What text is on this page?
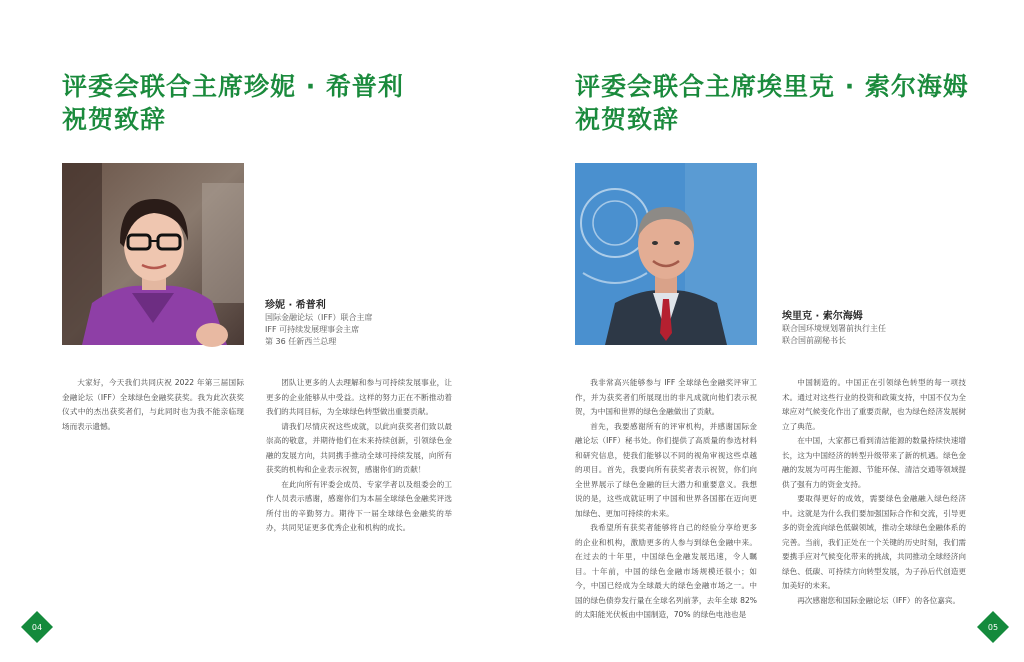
评委会联合主席珍妮 · 希普利
祝贺致辞
珍妮 · 希普利
国际金融论坛（IFF）联合主席
IFF 可持续发展理事会主席
第 36 任新西兰总理

大家好，今天我们共同庆祝 2022 年第三届国际金融论坛（IFF）全球绿色金融奖获奖。我为此次获奖仪式中的杰出获奖者们，与此同时也为我不能亲临现场而表示遗憾。

团队让更多的人去理解和参与可持续发展事业，让更多的企业能够从中受益。这样的努力正在不断推动着我们的共同目标，为全球绿色转型做出重要贡献。

请我们尽情庆祝这些成就，以此向获奖者们致以最崇高的敬意，并期待他们在未来持续创新，引领绿色金融的发展方向，共同携手推动全球可持续发展，向所有获奖的机构和企业表示祝贺，感谢你们的贡献！

在此向所有评委会成员、专家学者以及组委会的工作人员表示感谢，感谢你们为本届全球绿色金融奖评选所付出的辛勤努力。期待下一届全球绿色金融奖的举办，共同见证更多优秀企业和机构的成长。

04
评委会联合主席埃里克 · 索尔海姆
祝贺致辞
埃里克 · 索尔海姆
联合国环境规划署前执行主任
联合国前副秘书长

我非常高兴能够参与 IFF 全球绿色金融奖评审工作，并为获奖者们所展现出的非凡成就向他们表示祝贺，为中国和世界的绿色金融做出了贡献。

首先，我要感谢所有的评审机构，并感谢国际金融论坛（IFF）秘书处。你们提供了高质量的参选材料和研究信息，使我们能够以不同的视角审视这些卓越的项目。首先，我要向所有获奖者表示祝贺，你们向全世界展示了绿色金融的巨大潜力和重要意义。我想说的是，这些成就证明了中国和世界各国都在迈向更加绿色、更加可持续的未来。

我希望所有获奖者能够将自己的经验分享给更多的企业和机构，激励更多的人参与到绿色金融中来。在过去的十年里，中国绿色金融发展迅速，令人瞩目。十年前，中国的绿色金融市场规模还很小；如今，中国已经成为全球最大的绿色金融市场之一。中国的绿色债券发行量在全球名列前茅，去年全球 82% 的太阳能光伏板由中国制造，70% 的绿色电池也是

中国制造的。中国正在引领绿色转型的每一项技术。通过对这些行业的投资和政策支持，中国不仅为全球应对气候变化作出了重要贡献，也为绿色经济发展树立了典范。

在中国，大家都已看到清洁能源的数量持续快速增长，这为中国经济的转型升级带来了新的机遇。绿色金融的发展为可再生能源、节能环保、清洁交通等领域提供了强有力的资金支持。

要取得更好的成效，需要绿色金融融入绿色经济中。这就是为什么我们要加强国际合作和交流，引导更多的资金流向绿色低碳领域，推动全球绿色金融体系的完善。当前，我们正处在一个关键的历史时刻，我们需要携手应对气候变化带来的挑战，共同推动全球经济向绿色、低碳、可持续方向转型发展，为子孙后代创造更加美好的未来。

再次感谢您和国际金融论坛（IFF）的各位嘉宾。

05
